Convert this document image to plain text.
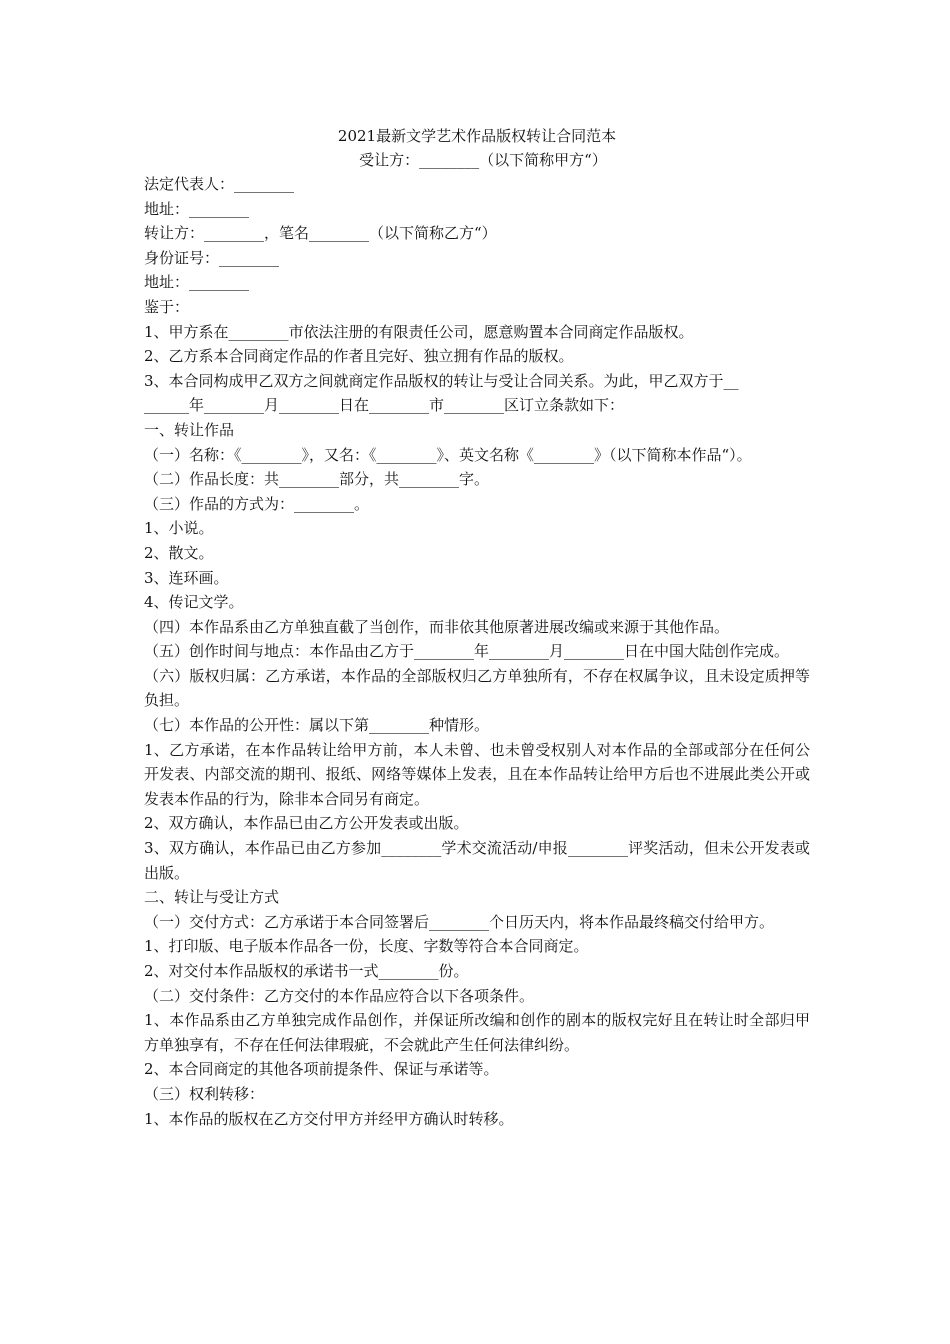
2021最新文学艺术作品版权转让合同范本

受让方：________（以下简称甲方“）

法定代表人：________

地址：________

转让方：________，笔名________（以下简称乙方“）

身份证号：________

地址：________

鉴于：

1、甲方系在________市依法注册的有限责任公司，愿意购置本合同商定作品版权。

2、乙方系本合同商定作品的作者且完好、独立拥有作品的版权。

3、本合同构成甲乙双方之间就商定作品版权的转让与受让合同关系。为此，甲乙双方于__
______年________月________日在________市________区订立条款如下：

一、转让作品

（一）名称：《________》，又名：《________》、英文名称《________》（以下简称本作品“）。

（二）作品长度：共________部分，共________字。

（三）作品的方式为：________。

1、小说。

2、散文。

3、连环画。

4、传记文学。

（四）本作品系由乙方单独直截了当创作，而非依其他原著进展改编或来源于其他作品。

（五）创作时间与地点：本作品由乙方于________年________月________日在中国大陆创作完成。

（六）版权归属：乙方承诺，本作品的全部版权归乙方单独所有，不存在权属争议，且未设定质押等负担。

（七）本作品的公开性：属以下第________种情形。

1、乙方承诺，在本作品转让给甲方前，本人未曾、也未曾受权别人对本作品的全部或部分在任何公开发表、内部交流的期刊、报纸、网络等媒体上发表，且在本作品转让给甲方后也不进展此类公开或发表本作品的行为，除非本合同另有商定。

2、双方确认，本作品已由乙方公开发表或出版。

3、双方确认，本作品已由乙方参加________学术交流活动/申报________评奖活动，但未公开发表或出版。

二、转让与受让方式

（一）交付方式：乙方承诺于本合同签署后________个日历天内，将本作品最终稿交付给甲方。

1、打印版、电子版本作品各一份，长度、字数等符合本合同商定。

2、对交付本作品版权的承诺书一式________份。

（二）交付条件：乙方交付的本作品应符合以下各项条件。

1、本作品系由乙方单独完成作品创作，并保证所改编和创作的剧本的版权完好且在转让时全部归甲方单独享有，不存在任何法律瑕疵，不会就此产生任何法律纠纷。

2、本合同商定的其他各项前提条件、保证与承诺等。

（三）权利转移：

1、本作品的版权在乙方交付甲方并经甲方确认时转移。
